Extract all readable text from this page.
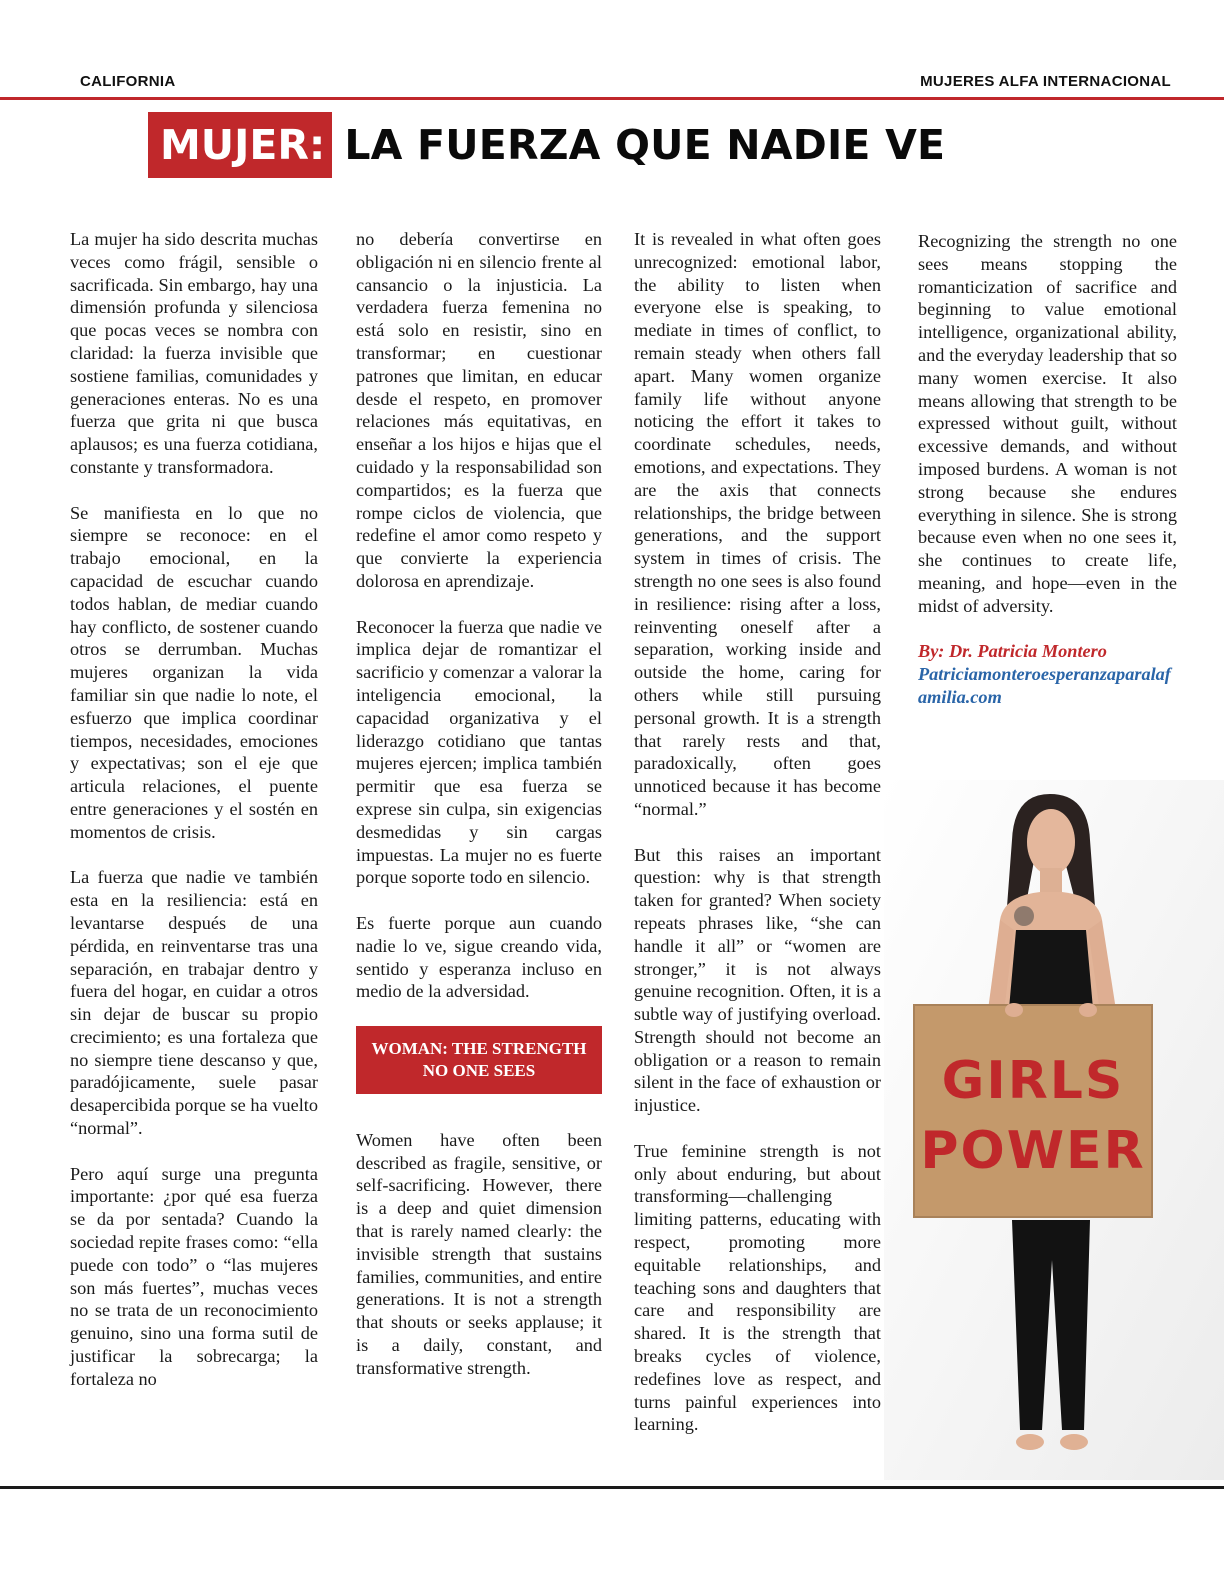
CALIFORNIA	MUJERES ALFA INTERNACIONAL
MUJER: LA FUERZA QUE NADIE VE

La mujer ha sido descrita muchas veces como frágil, sensible o sacrificada. Sin embargo, hay una dimensión profunda y silenciosa que pocas veces se nombra con claridad: la fuerza invisible que sostiene familias, comunidades y generaciones enteras. No es una fuerza que grita ni que busca aplausos; es una fuerza cotidiana, constante y transformadora.

Se manifiesta en lo que no siempre se reconoce: en el trabajo emocional, en la capacidad de escuchar cuando todos hablan, de mediar cuando hay conflicto, de sostener cuando otros se derrumban. Muchas mujeres organizan la vida familiar sin que nadie lo note, el esfuerzo que implica coordinar tiempos, necesidades, emociones y expectativas; son el eje que articula relaciones, el puente entre generaciones y el sostén en momentos de crisis.

La fuerza que nadie ve también esta en la resiliencia: está en levantarse después de una pérdida, en reinventarse tras una separación, en trabajar dentro y fuera del hogar, en cuidar a otros sin dejar de buscar su propio crecimiento; es una fortaleza que no siempre tiene descanso y que, paradójicamente, suele pasar desapercibida porque se ha vuelto “normal”.

Pero aquí surge una pregunta importante: ¿por qué esa fuerza se da por sentada? Cuando la sociedad repite frases como: “ella puede con todo” o “las mujeres son más fuertes”, muchas veces no se trata de un reconocimiento genuino, sino una forma sutil de justificar la sobrecarga; la fortaleza no

no debería convertirse en obligación ni en silencio frente al cansancio o la injusticia. La verdadera fuerza femenina no está solo en resistir, sino en transformar; en cuestionar patrones que limitan, en educar desde el respeto, en promover relaciones más equitativas, en enseñar a los hijos e hijas que el cuidado y la responsabilidad son compartidos; es la fuerza que rompe ciclos de violencia, que redefine el amor como respeto y que convierte la experiencia dolorosa en aprendizaje.

Reconocer la fuerza que nadie ve implica dejar de romantizar el sacrificio y comenzar a valorar la inteligencia emocional, la capacidad organizativa y el liderazgo cotidiano que tantas mujeres ejercen; implica también permitir que esa fuerza se exprese sin culpa, sin exigencias desmedidas y sin cargas impuestas. La mujer no es fuerte porque soporte todo en silencio.

Es fuerte porque aun cuando nadie lo ve, sigue creando vida, sentido y esperanza incluso en medio de la adversidad.

WOMAN: THE STRENGTH NO ONE SEES

Women have often been described as fragile, sensitive, or self-sacrificing. However, there is a deep and quiet dimension that is rarely named clearly: the invisible strength that sustains families, communities, and entire generations. It is not a strength that shouts or seeks applause; it is a daily, constant, and transformative strength.

It is revealed in what often goes unrecognized: emotional labor, the ability to listen when everyone else is speaking, to mediate in times of conflict, to remain steady when others fall apart. Many women organize family life without anyone noticing the effort it takes to coordinate schedules, needs, emotions, and expectations. They are the axis that connects relationships, the bridge between generations, and the support system in times of crisis. The strength no one sees is also found in resilience: rising after a loss, reinventing oneself after a separation, working inside and outside the home, caring for others while still pursuing personal growth. It is a strength that rarely rests and that, paradoxically, often goes unnoticed because it has become “normal.”

But this raises an important question: why is that strength taken for granted? When society repeats phrases like, “she can handle it all” or “women are stronger,” it is not always genuine recognition. Often, it is a subtle way of justifying overload. Strength should not become an obligation or a reason to remain silent in the face of exhaustion or injustice.

True feminine strength is not only about enduring, but about transforming—challenging limiting patterns, educating with respect, promoting more equitable relationships, and teaching sons and daughters that care and responsibility are shared. It is the strength that breaks cycles of violence, redefines love as respect, and turns painful experiences into learning.

Recognizing the strength no one sees means stopping the romanticization of sacrifice and beginning to value emotional intelligence, organizational ability, and the everyday leadership that so many women exercise. It also means allowing that strength to be expressed without guilt, without excessive demands, and without imposed burdens. A woman is not strong because she endures everything in silence. She is strong because even when no one sees it, she continues to create life, meaning, and hope—even in the midst of adversity.

By: Dr. Patricia Montero
Patriciamonteroesperanzaparalafamilia.com
GIRLS
POWER
